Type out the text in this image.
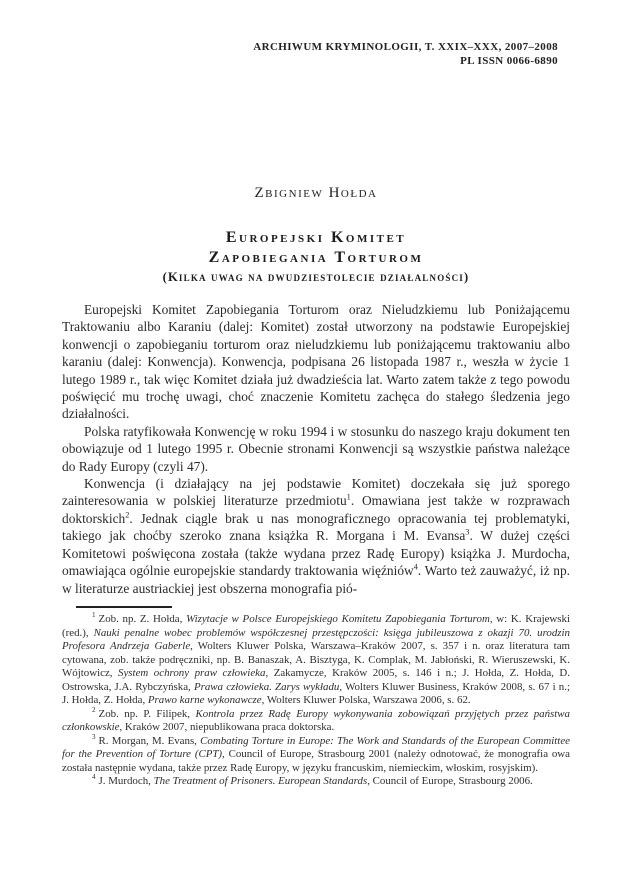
ARCHIWUM KRYMINOLOGII, T. XXIX–XXX, 2007–2008
PL ISSN 0066-6890
Zbigniew Hołda
Europejski Komitet
Zapobiegania Torturom
(Kilka uwag na dwudziestolecie działalności)

Europejski Komitet Zapobiegania Torturom oraz Nieludzkiemu lub Poniżającemu Traktowaniu albo Karaniu (dalej: Komitet) został utworzony na podstawie Europejskiej konwencji o zapobieganiu torturom oraz nieludzkiemu lub poniżającemu traktowaniu albo karaniu (dalej: Konwencja). Konwencja, podpisana 26 listopada 1987 r., weszła w życie 1 lutego 1989 r., tak więc Komitet działa już dwadzieścia lat. Warto zatem także z tego powodu poświęcić mu trochę uwagi, choć znaczenie Komitetu zachęca do stałego śledzenia jego działalności.

Polska ratyfikowała Konwencję w roku 1994 i w stosunku do naszego kraju dokument ten obowiązuje od 1 lutego 1995 r. Obecnie stronami Konwencji są wszystkie państwa należące do Rady Europy (czyli 47).

Konwencja (i działający na jej podstawie Komitet) doczekała się już sporego zainteresowania w polskiej literaturze przedmiotu$^1$. Omawiana jest także w rozprawach doktorskich$^2$. Jednak ciągle brak u nas monograficznego opracowania tej problematyki, takiego jak choćby szeroko znana książka R. Morgana i M. Evansa$^3$. W dużej części Komitetowi poświęcona została (także wydana przez Radę Europy) książka J. Murdocha, omawiająca ogólnie europejskie standardy traktowania więźniów$^4$. Warto też zauważyć, iż np. w literaturze austriackiej jest obszerna monografia pió-

$^1$ Zob. np. Z. Hołda, Wizytacje w Polsce Europejskiego Komitetu Zapobiegania Torturom, w: K. Krajewski (red.), Nauki penalne wobec problemów współczesnej przestępczości: księga jubileuszowa z okazji 70. urodzin Profesora Andrzeja Gaberle, Wolters Kluwer Polska, Warszawa–Kraków 2007, s. 357 i n. oraz literatura tam cytowana, zob. także podręczniki, np. B. Banaszak, A. Bisztyga, K. Complak, M. Jabłoński, R. Wieruszewski, K. Wójtowicz, System ochrony praw człowieka, Zakamycze, Kraków 2005, s. 146 i n.; J. Hołda, Z. Hołda, D. Ostrowska, J.A. Rybczyńska, Prawa człowieka. Zarys wykładu, Wolters Kluwer Business, Kraków 2008, s. 67 i n.; J. Hołda, Z. Hołda, Prawo karne wykonawcze, Wolters Kluwer Polska, Warszawa 2006, s. 62.

$^2$ Zob. np. P. Filipek, Kontrola przez Radę Europy wykonywania zobowiązań przyjętych przez państwa członkowskie, Kraków 2007, niepublikowana praca doktorska.

$^3$ R. Morgan, M. Evans, Combating Torture in Europe: The Work and Standards of the European Committee for the Prevention of Torture (CPT), Council of Europe, Strasbourg 2001 (należy odnotować, że monografia owa została następnie wydana, także przez Radę Europy, w języku francuskim, niemieckim, włoskim, rosyjskim).

$^4$ J. Murdoch, The Treatment of Prisoners. European Standards, Council of Europe, Strasbourg 2006.
